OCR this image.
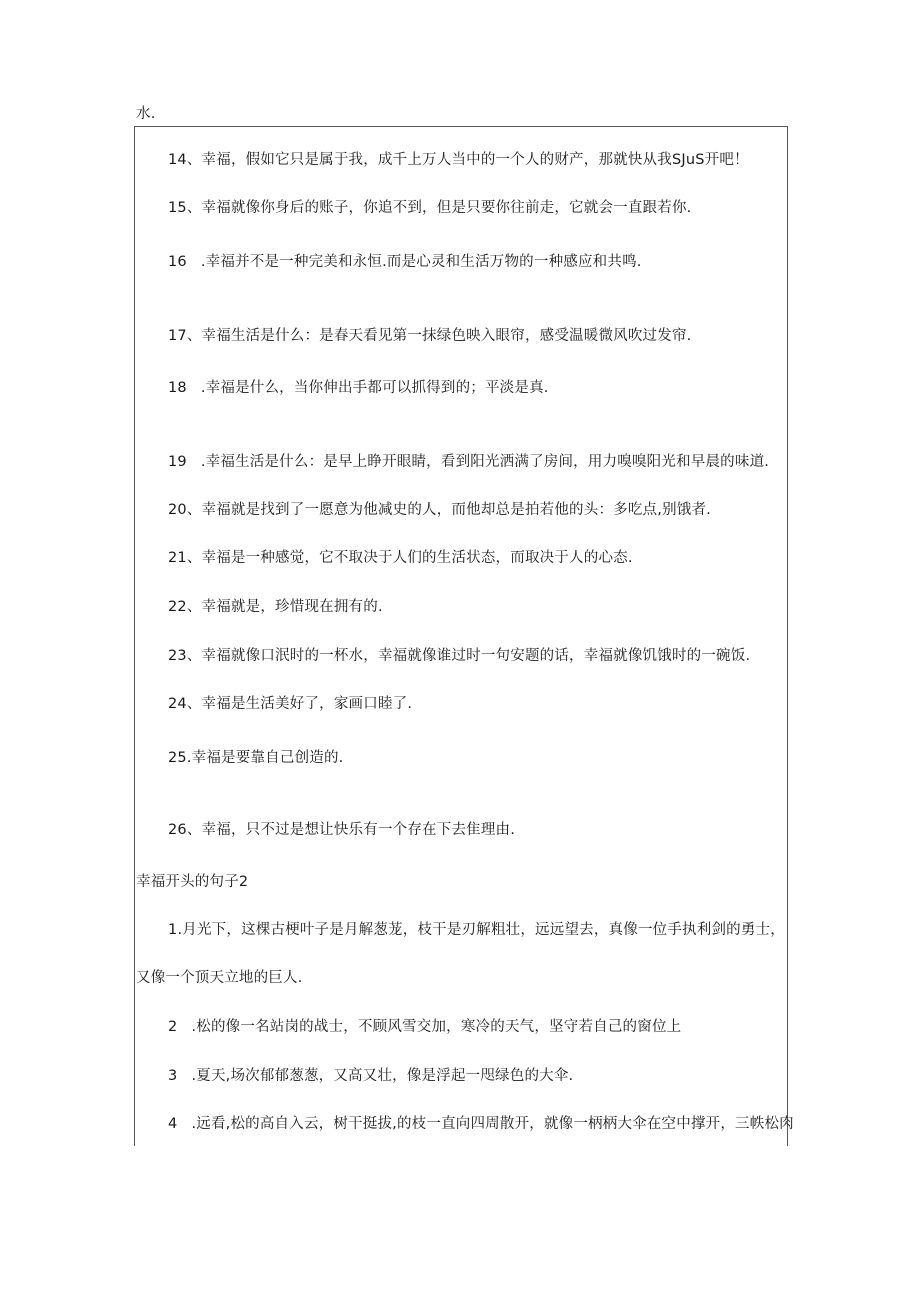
水.
14、幸福，假如它只是属于我，成千上万人当中的一个人的财产，那就快从我SJuS开吧！
15、幸福就像你身后的账子，你追不到，但是只要你往前走，它就会一直跟若你.
16 .幸福并不是一种完美和永恒.而是心灵和生活万物的一种感应和共鸣.
17、幸福生活是什么：是春天看见第一抹绿色映入眼帘，感受温暖微风吹过发帘.
18 .幸福是什么，当你伸出手都可以抓得到的；平淡是真.
19 .幸福生活是什么：是早上睁开眼睛，看到阳光洒满了房间，用力嗅嗅阳光和早晨的味道.
20、幸福就是找到了一愿意为他减史的人，而他却总是拍若他的头：多吃点,别饿者.
21、幸福是一种感觉，它不取决于人们的生活状态，而取决于人的心态.
22、幸福就是，珍惜现在拥有的.
23、幸福就像口泯时的一杯水，幸福就像谁过时一句安题的话，幸福就像饥饿时的一碗饭.
24、幸福是生活美好了，家画口睦了.
25.幸福是要靠自己创造的.
26、幸福，只不过是想让快乐有一个存在下去隹理由.
幸福开头的句子2
1.月光下，这棵古梗叶子是月解葱茏，枝干是刃解粗壮，远远望去，真像一位手执利剑的勇士，
又像一个顶天立地的巨人.
2 .松的像一名站岗的战士，不顾风雪交加，寒冷的天气，坚守若自己的窗位上
3 .夏天,场次郁郁葱葱，又高又壮，像是浮起一咫绿色的大伞.
4 .远看,松的高自入云，树干挺拔,的枝一直向四周散开，就像一柄柄大伞在空中撑开，三帙松肉
